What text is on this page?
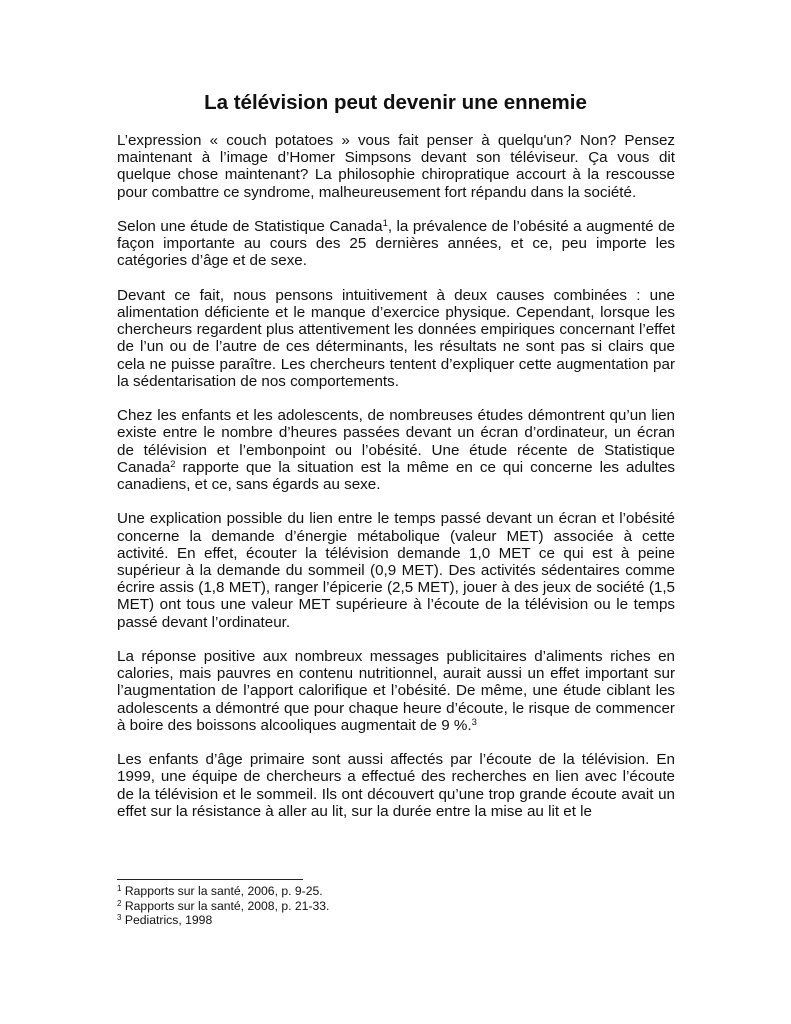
La télévision peut devenir une ennemie

L’expression « couch potatoes » vous fait penser à quelqu'un? Non? Pensez maintenant à l’image d’Homer Simpsons devant son téléviseur. Ça vous dit quelque chose maintenant? La philosophie chiropratique accourt à la rescousse pour combattre ce syndrome, malheureusement fort répandu dans la société.

Selon une étude de Statistique Canada$^1$, la prévalence de l’obésité a augmenté de façon importante au cours des 25 dernières années, et ce, peu importe les catégories d’âge et de sexe.

Devant ce fait, nous pensons intuitivement à deux causes combinées : une alimentation déficiente et le manque d’exercice physique. Cependant, lorsque les chercheurs regardent plus attentivement les données empiriques concernant l’effet de l’un ou de l’autre de ces déterminants, les résultats ne sont pas si clairs que cela ne puisse paraître. Les chercheurs tentent d’expliquer cette augmentation par la sédentarisation de nos comportements.

Chez les enfants et les adolescents, de nombreuses études démontrent qu’un lien existe entre le nombre d’heures passées devant un écran d’ordinateur, un écran de télévision et l’embonpoint ou l’obésité. Une étude récente de Statistique Canada$^2$ rapporte que la situation est la même en ce qui concerne les adultes canadiens, et ce, sans égards au sexe.

Une explication possible du lien entre le temps passé devant un écran et l’obésité concerne la demande d’énergie métabolique (valeur MET) associée à cette activité. En effet, écouter la télévision demande 1,0 MET ce qui est à peine supérieur à la demande du sommeil (0,9 MET). Des activités sédentaires comme écrire assis (1,8 MET), ranger l’épicerie (2,5 MET), jouer à des jeux de société (1,5 MET) ont tous une valeur MET supérieure à l’écoute de la télévision ou le temps passé devant l’ordinateur.

La réponse positive aux nombreux messages publicitaires d’aliments riches en calories, mais pauvres en contenu nutritionnel, aurait aussi un effet important sur l’augmentation de l’apport calorifique et l’obésité. De même, une étude ciblant les adolescents a démontré que pour chaque heure d’écoute, le risque de commencer à boire des boissons alcooliques augmentait de 9 %.$^3$

Les enfants d’âge primaire sont aussi affectés par l’écoute de la télévision. En 1999, une équipe de chercheurs a effectué des recherches en lien avec l’écoute de la télévision et le sommeil. Ils ont découvert qu’une trop grande écoute avait un effet sur la résistance à aller au lit, sur la durée entre la mise au lit et le

$^1$ Rapports sur la santé, 2006, p. 9-25.
$^2$ Rapports sur la santé, 2008, p. 21-33.
$^3$ Pediatrics, 1998
